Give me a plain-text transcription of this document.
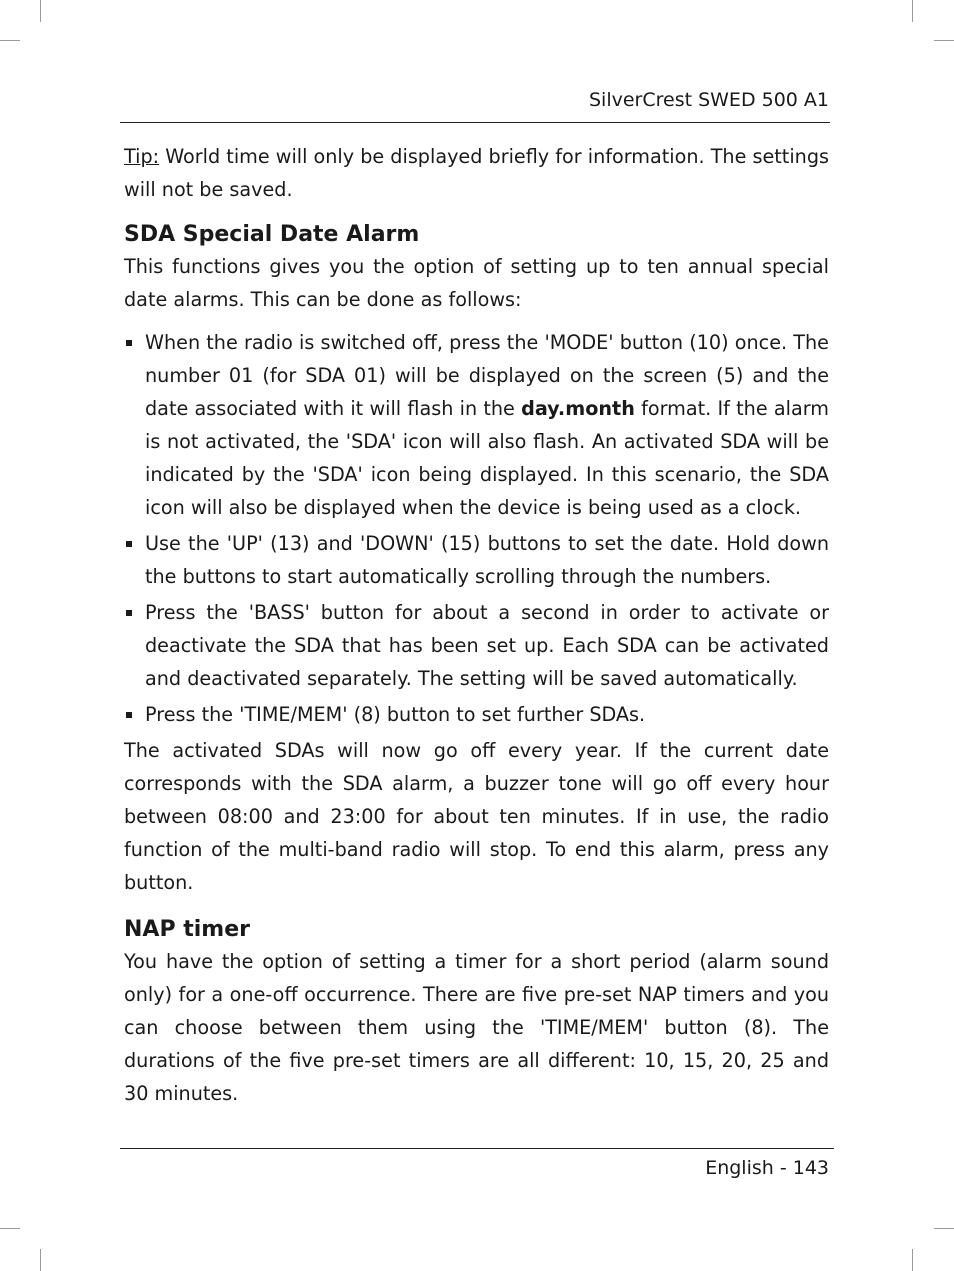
SilverCrest SWED 500 A1

Tip: World time will only be displayed briefly for information. The settings will not be saved.

SDA Special Date Alarm

This functions gives you the option of setting up to ten annual special date alarms. This can be done as follows:

When the radio is switched off, press the 'MODE' button (10) once. The number 01 (for SDA 01) will be displayed on the screen (5) and the date associated with it will flash in the day.month format. If the alarm is not activated, the 'SDA' icon will also flash. An activated SDA will be indicated by the 'SDA' icon being displayed. In this scenario, the SDA icon will also be displayed when the device is being used as a clock.
Use the 'UP' (13) and 'DOWN' (15) buttons to set the date. Hold down the buttons to start automatically scrolling through the numbers.
Press the 'BASS' button for about a second in order to activate or deactivate the SDA that has been set up. Each SDA can be activated and deactivated separately. The setting will be saved automatically.
Press the 'TIME/MEM' (8) button to set further SDAs.

The activated SDAs will now go off every year. If the current date corresponds with the SDA alarm, a buzzer tone will go off every hour between 08:00 and 23:00 for about ten minutes. If in use, the radio function of the multi-band radio will stop. To end this alarm, press any button.

NAP timer

You have the option of setting a timer for a short period (alarm sound only) for a one-off occurrence. There are five pre-set NAP timers and you can choose between them using the 'TIME/MEM' button (8). The durations of the five pre-set timers are all different: 10, 15, 20, 25 and 30 minutes.

English - 143
